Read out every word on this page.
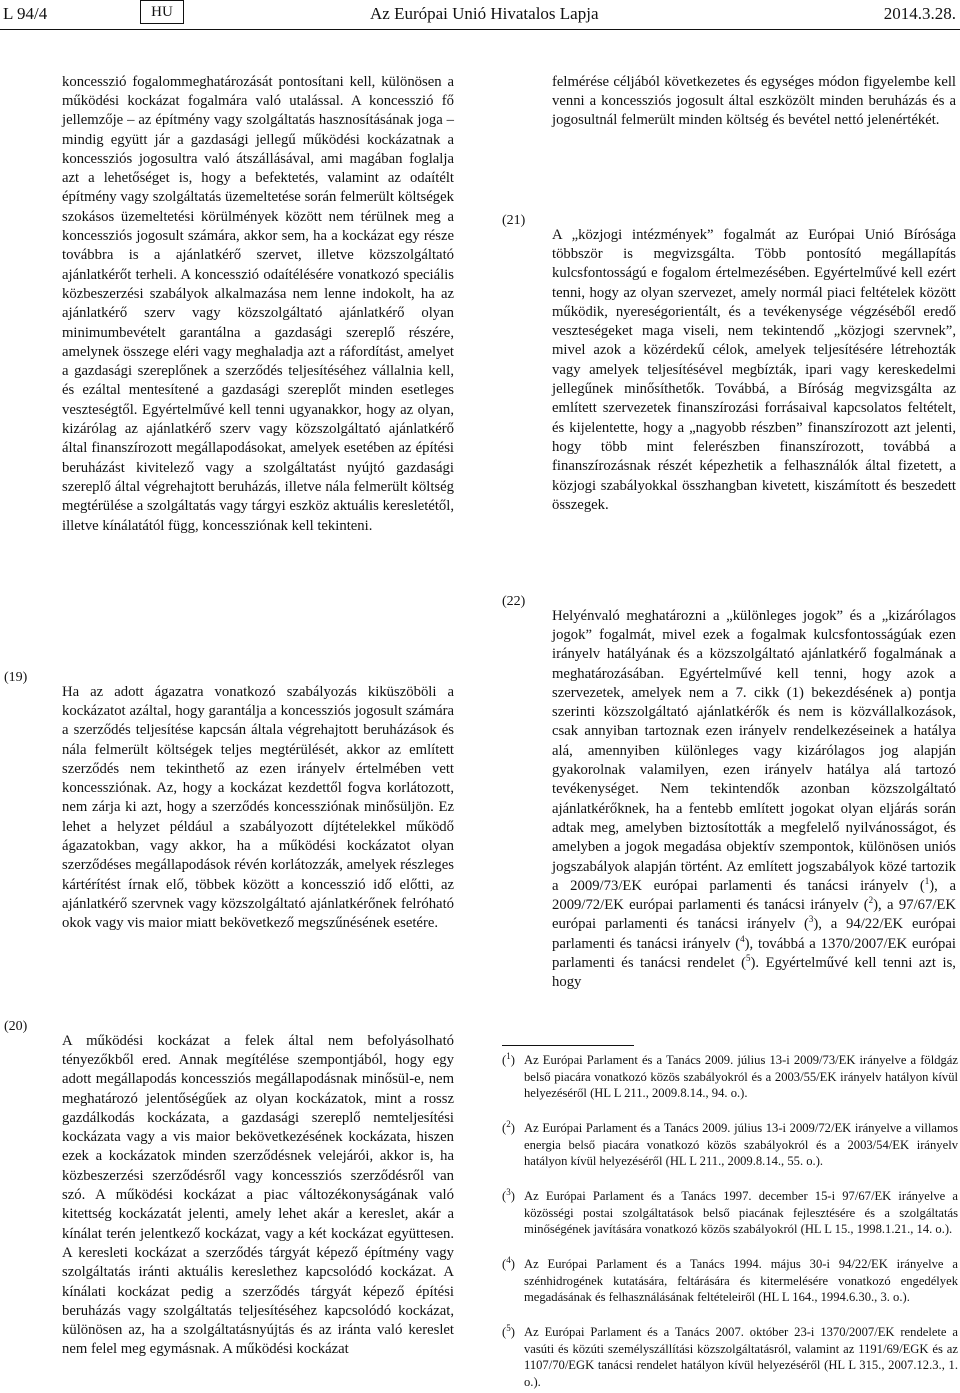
L 94/4	HU	Az Európai Unió Hivatalos Lapja	2014.3.28.

koncesszió fogalommeghatározását pontosítani kell, különösen a működési kockázat fogalmára való utalással. A koncesszió fő jellemzője – az építmény vagy szolgáltatás hasznosításának joga – mindig együtt jár a gazdasági jellegű működési kockázatnak a koncessziós jogosultra való átszállásával, ami magában foglalja azt a lehetőséget is, hogy a befektetés, valamint az odaítélt építmény vagy szolgáltatás üzemeltetése során felmerült költségek szokásos üzemeltetési körülmények között nem térülnek meg a koncessziós jogosult számára, akkor sem, ha a kockázat egy része továbbra is a ajánlatkérő szervet, illetve közszolgáltató ajánlatkérőt terheli. A koncesszió odaítélésére vonatkozó speciális közbeszerzési szabályok alkalmazása nem lenne indokolt, ha az ajánlatkérő szerv vagy közszolgáltató ajánlatkérő olyan minimumbevételt garantálna a gazdasági szereplő részére, amelynek összege eléri vagy meghaladja azt a ráfordítást, amelyet a gazdasági szereplőnek a szerződés teljesítéséhez vállalnia kell, és ezáltal mentesítené a gazdasági szereplőt minden esetleges veszteségtől. Egyértelművé kell tenni ugyanakkor, hogy az olyan, kizárólag az ajánlatkérő szerv vagy közszolgáltató ajánlatkérő által finanszírozott megállapodásokat, amelyek esetében az építési beruházást kivitelező vagy a szolgáltatást nyújtó gazdasági szereplő által végrehajtott beruházás, illetve nála felmerült költség megtérülése a szolgáltatás vagy tárgyi eszköz aktuális keresletétől, illetve kínálatától függ, koncessziónak kell tekinteni.

(19)

Ha az adott ágazatra vonatkozó szabályozás kiküszöböli a kockázatot azáltal, hogy garantálja a koncessziós jogosult számára a szerződés teljesítése kapcsán általa végrehajtott beruházások és nála felmerült költségek teljes megtérülését, akkor az említett szerződés nem tekinthető az ezen irányelv értelmében vett koncessziónak. Az, hogy a kockázat kezdettől fogva korlátozott, nem zárja ki azt, hogy a szerződés koncessziónak minősüljön. Ez lehet a helyzet például a szabályozott díjtételekkel működő ágazatokban, vagy akkor, ha a működési kockázatot olyan szerződéses megállapodások révén korlátozzák, amelyek részleges kártérítést írnak elő, többek között a koncesszió idő előtti, az ajánlatkérő szervnek vagy közszolgáltató ajánlatkérőnek felróható okok vagy vis maior miatt bekövetkező megszűnésének esetére.

(20)

A működési kockázat a felek által nem befolyásolható tényezőkből ered. Annak megítélése szempontjából, hogy egy adott megállapodás koncessziós megállapodásnak minősül-e, nem meghatározó jelentőségűek az olyan kockázatok, mint a rossz gazdálkodás kockázata, a gazdasági szereplő nemteljesítési kockázata vagy a vis maior bekövetkezésének kockázata, hiszen ezek a kockázatok minden szerződésnek velejárói, akkor is, ha közbeszerzési szerződésről vagy koncessziós szerződésről van szó. A működési kockázat a piac változékonyságának való kitettség kockázatát jelenti, amely lehet akár a kereslet, akár a kínálat terén jelentkező kockázat, vagy a két kockázat együttesen. A keresleti kockázat a szerződés tárgyát képező építmény vagy szolgáltatás iránti aktuális kereslethez kapcsolódó kockázat. A kínálati kockázat pedig a szerződés tárgyát képező építési beruházás vagy szolgáltatás teljesítéséhez kapcsolódó kockázat, különösen az, ha a szolgáltatásnyújtás és az iránta való kereslet nem felel meg egymásnak. A működési kockázat

felmérése céljából következetes és egységes módon figyelembe kell venni a koncessziós jogosult által eszközölt minden beruházás és a jogosultnál felmerült minden költség és bevétel nettó jelenértékét.

(21)

A „közjogi intézmények” fogalmát az Európai Unió Bírósága többször is megvizsgálta. Több pontosító megállapítás kulcsfontosságú e fogalom értelmezésében. Egyértelművé kell ezért tenni, hogy az olyan szervezet, amely normál piaci feltételek között működik, nyereségorientált, és a tevékenysége végzéséből eredő veszteségeket maga viseli, nem tekintendő „közjogi szervnek”, mivel azok a közérdekű célok, amelyek teljesítésére létrehozták vagy amelyek teljesítésével megbízták, ipari vagy kereskedelmi jellegűnek minősíthetők. Továbbá, a Bíróság megvizsgálta az említett szervezetek finanszírozási forrásaival kapcsolatos feltételt, és kijelentette, hogy a „nagyobb részben” finanszírozott azt jelenti, hogy több mint felerészben finanszírozott, továbbá a finanszírozásnak részét képezhetik a felhasználók által fizetett, a közjogi szabályokkal összhangban kivetett, kiszámított és beszedett összegek.

(22)

Helyénvaló meghatározni a „különleges jogok” és a „kizárólagos jogok” fogalmát, mivel ezek a fogalmak kulcsfontosságúak ezen irányelv hatályának és a közszolgáltató ajánlatkérő fogalmának a meghatározásában. Egyértelművé kell tenni, hogy azok a szervezetek, amelyek nem a 7. cikk (1) bekezdésének a) pontja szerinti közszolgáltató ajánlatkérők és nem is közvállalkozások, csak annyiban tartoznak ezen irányelv rendelkezéseinek a hatálya alá, amennyiben különleges vagy kizárólagos jog alapján gyakorolnak valamilyen, ezen irányelv hatálya alá tartozó tevékenységet. Nem tekintendők azonban közszolgáltató ajánlatkérőknek, ha a fentebb említett jogokat olyan eljárás során adtak meg, amelyben biztosították a megfelelő nyilvánosságot, és amelyben a jogok megadása objektív szempontok, különösen uniós jogszabályok alapján történt. Az említett jogszabályok közé tartozik a 2009/73/EK európai parlamenti és tanácsi irányelv ($^1$), a 2009/72/EK európai parlamenti és tanácsi irányelv ($^2$), a 97/67/EK európai parlamenti és tanácsi irányelv ($^3$), a 94/22/EK európai parlamenti és tanácsi irányelv ($^4$), továbbá a 1370/2007/EK európai parlamenti és tanácsi rendelet ($^5$). Egyértelművé kell tenni azt is, hogy

($^1$) Az Európai Parlament és a Tanács 2009. július 13-i 2009/73/EK irányelve a földgáz belső piacára vonatkozó közös szabályokról és a 2003/55/EK irányelv hatályon kívül helyezéséről (HL L 211., 2009.8.14., 94. o.).
($^2$) Az Európai Parlament és a Tanács 2009. július 13-i 2009/72/EK irányelve a villamos energia belső piacára vonatkozó közös szabályokról és a 2003/54/EK irányelv hatályon kívül helyezéséről (HL L 211., 2009.8.14., 55. o.).
($^3$) Az Európai Parlament és a Tanács 1997. december 15-i 97/67/EK irányelve a közösségi postai szolgáltatások belső piacának fejlesztésére és a szolgáltatás minőségének javítására vonatkozó közös szabályokról (HL L 15., 1998.1.21., 14. o.).
($^4$) Az Európai Parlament és a Tanács 1994. május 30-i 94/22/EK irányelve a szénhidrogének kutatására, feltárására és kitermelésére vonatkozó engedélyek megadásának és felhasználásának feltételeiről (HL L 164., 1994.6.30., 3. o.).
($^5$) Az Európai Parlament és a Tanács 2007. október 23-i 1370/2007/EK rendelete a vasúti és közúti személyszállítási közszolgáltatásról, valamint az 1191/69/EGK és az 1107/70/EGK tanácsi rendelet hatályon kívül helyezéséről (HL L 315., 2007.12.3., 1. o.).
